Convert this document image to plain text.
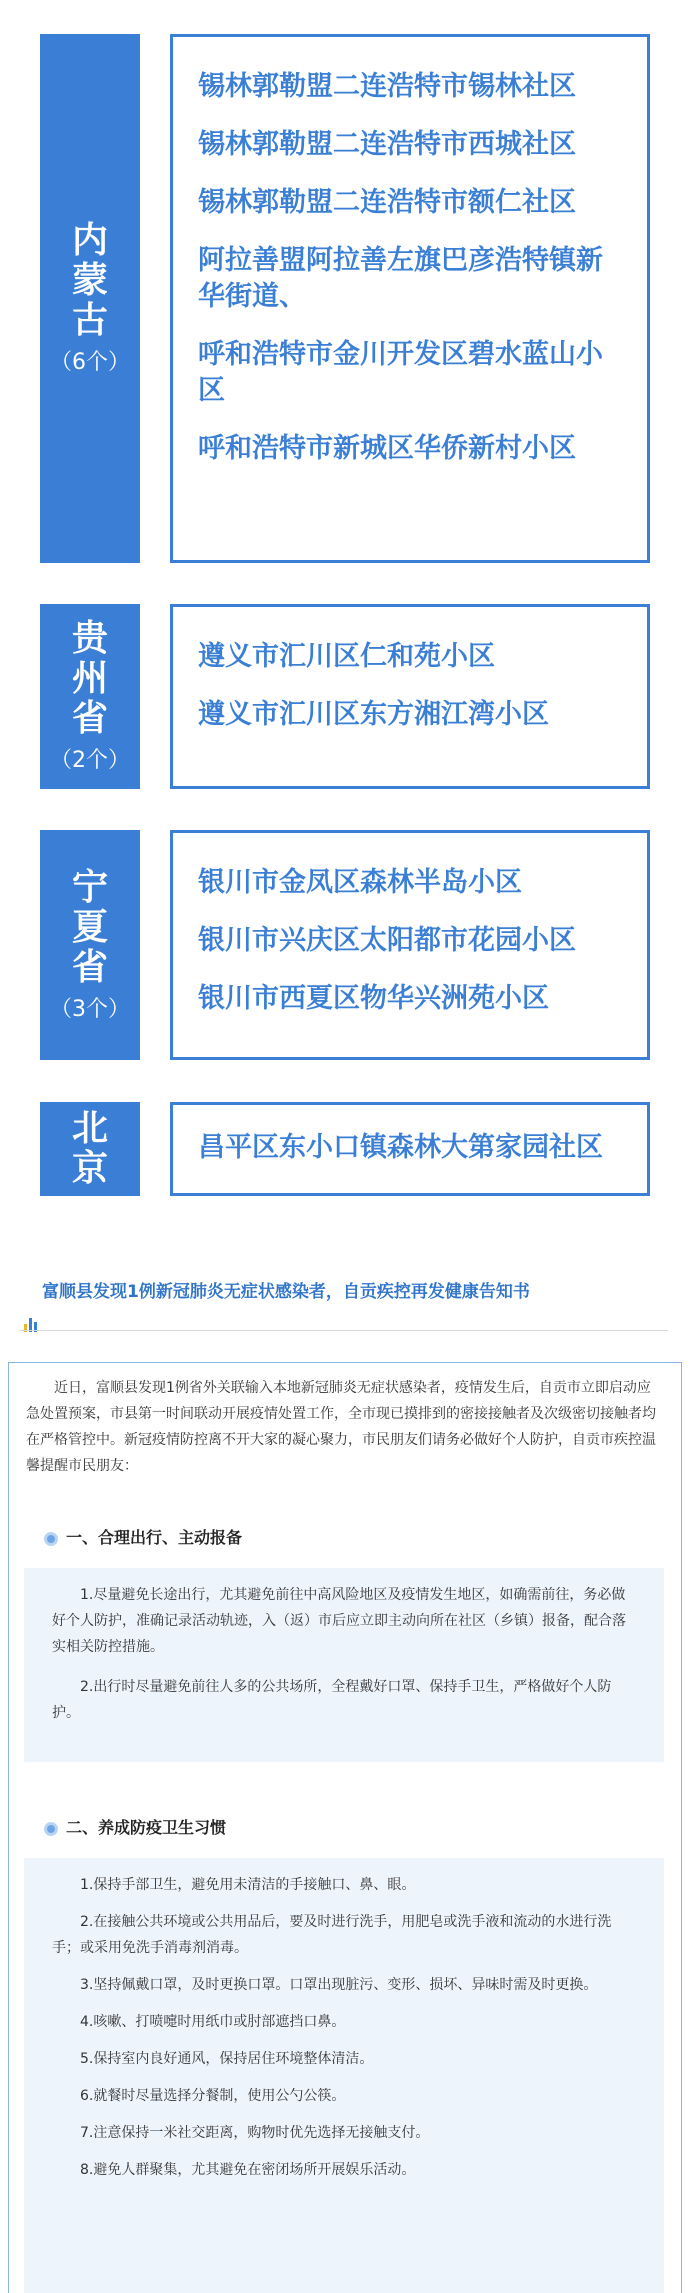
内蒙古
（6个）
锡林郭勒盟二连浩特市锡林社区
锡林郭勒盟二连浩特市西城社区
锡林郭勒盟二连浩特市额仁社区
阿拉善盟阿拉善左旗巴彦浩特镇新华街道、
呼和浩特市金川开发区碧水蓝山小区
呼和浩特市新城区华侨新村小区
贵州省
（2个）
遵义市汇川区仁和苑小区
遵义市汇川区东方湘江湾小区
宁夏省
（3个）
银川市金凤区森林半岛小区
银川市兴庆区太阳都市花园小区
银川市西夏区物华兴洲苑小区
北京
昌平区东小口镇森林大第家园社区
富顺县发现1例新冠肺炎无症状感染者，自贡疾控再发健康告知书
近日，富顺县发现1例省外关联输入本地新冠肺炎无症状感染者，疫情发生后，自贡市立即启动应急处置预案，市县第一时间联动开展疫情处置工作，全市现已摸排到的密接接触者及次级密切接触者均在严格管控中。新冠疫情防控离不开大家的凝心聚力，市民朋友们请务必做好个人防护，自贡市疾控温馨提醒市民朋友：
一、合理出行、主动报备

1.尽量避免长途出行，尤其避免前往中高风险地区及疫情发生地区，如确需前往，务必做好个人防护，准确记录活动轨迹，入（返）市后应立即主动向所在社区（乡镇）报备，配合落实相关防控措施。

2.出行时尽量避免前往人多的公共场所，全程戴好口罩、保持手卫生，严格做好个人防护。

二、养成防疫卫生习惯

1.保持手部卫生，避免用未清洁的手接触口、鼻、眼。

2.在接触公共环境或公共用品后，要及时进行洗手，用肥皂或洗手液和流动的水进行洗手；或采用免洗手消毒剂消毒。

3.坚持佩戴口罩，及时更换口罩。口罩出现脏污、变形、损坏、异味时需及时更换。

4.咳嗽、打喷嚏时用纸巾或肘部遮挡口鼻。

5.保持室内良好通风，保持居住环境整体清洁。

6.就餐时尽量选择分餐制，使用公勺公筷。

7.注意保持一米社交距离，购物时优先选择无接触支付。

8.避免人群聚集，尤其避免在密闭场所开展娱乐活动。
